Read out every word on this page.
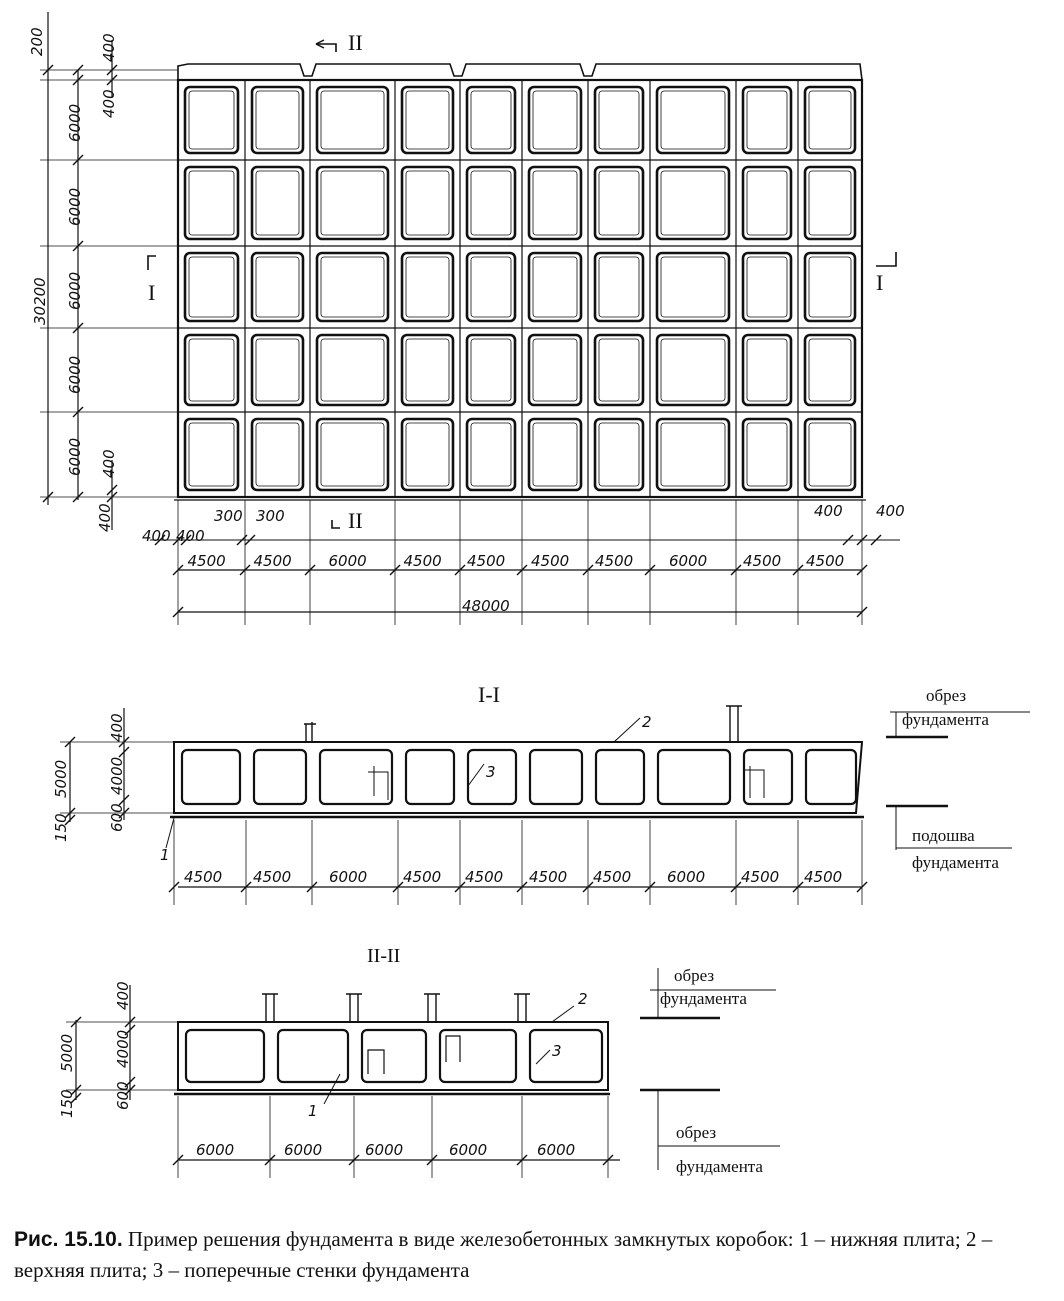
II
II
I	I
30200
200	400
400
400
400
6000
6000
6000
6000
6000
400 400
300 300	400 400
4500 4500 6000 4500 4500 4500 4500 6000 4500 4500
48000
I-I
400
5000	4000
600
150
4500 4500	6000 4500 4500 4500 4500 6000 4500 4500
1
2
3
обрез
фундамента
подошва
фундамента
II-II
400
5000	4000
600
150
6000	6000	6000	6000	6000
1
2
3
обрез
фундамента
обрез
фундамента
Рис. 15.10. Пример решения фундамента в виде железобетонных замкнутых коробок: 1 – нижняя плита; 2 – верхняя плита; 3 – поперечные стенки фундамента
